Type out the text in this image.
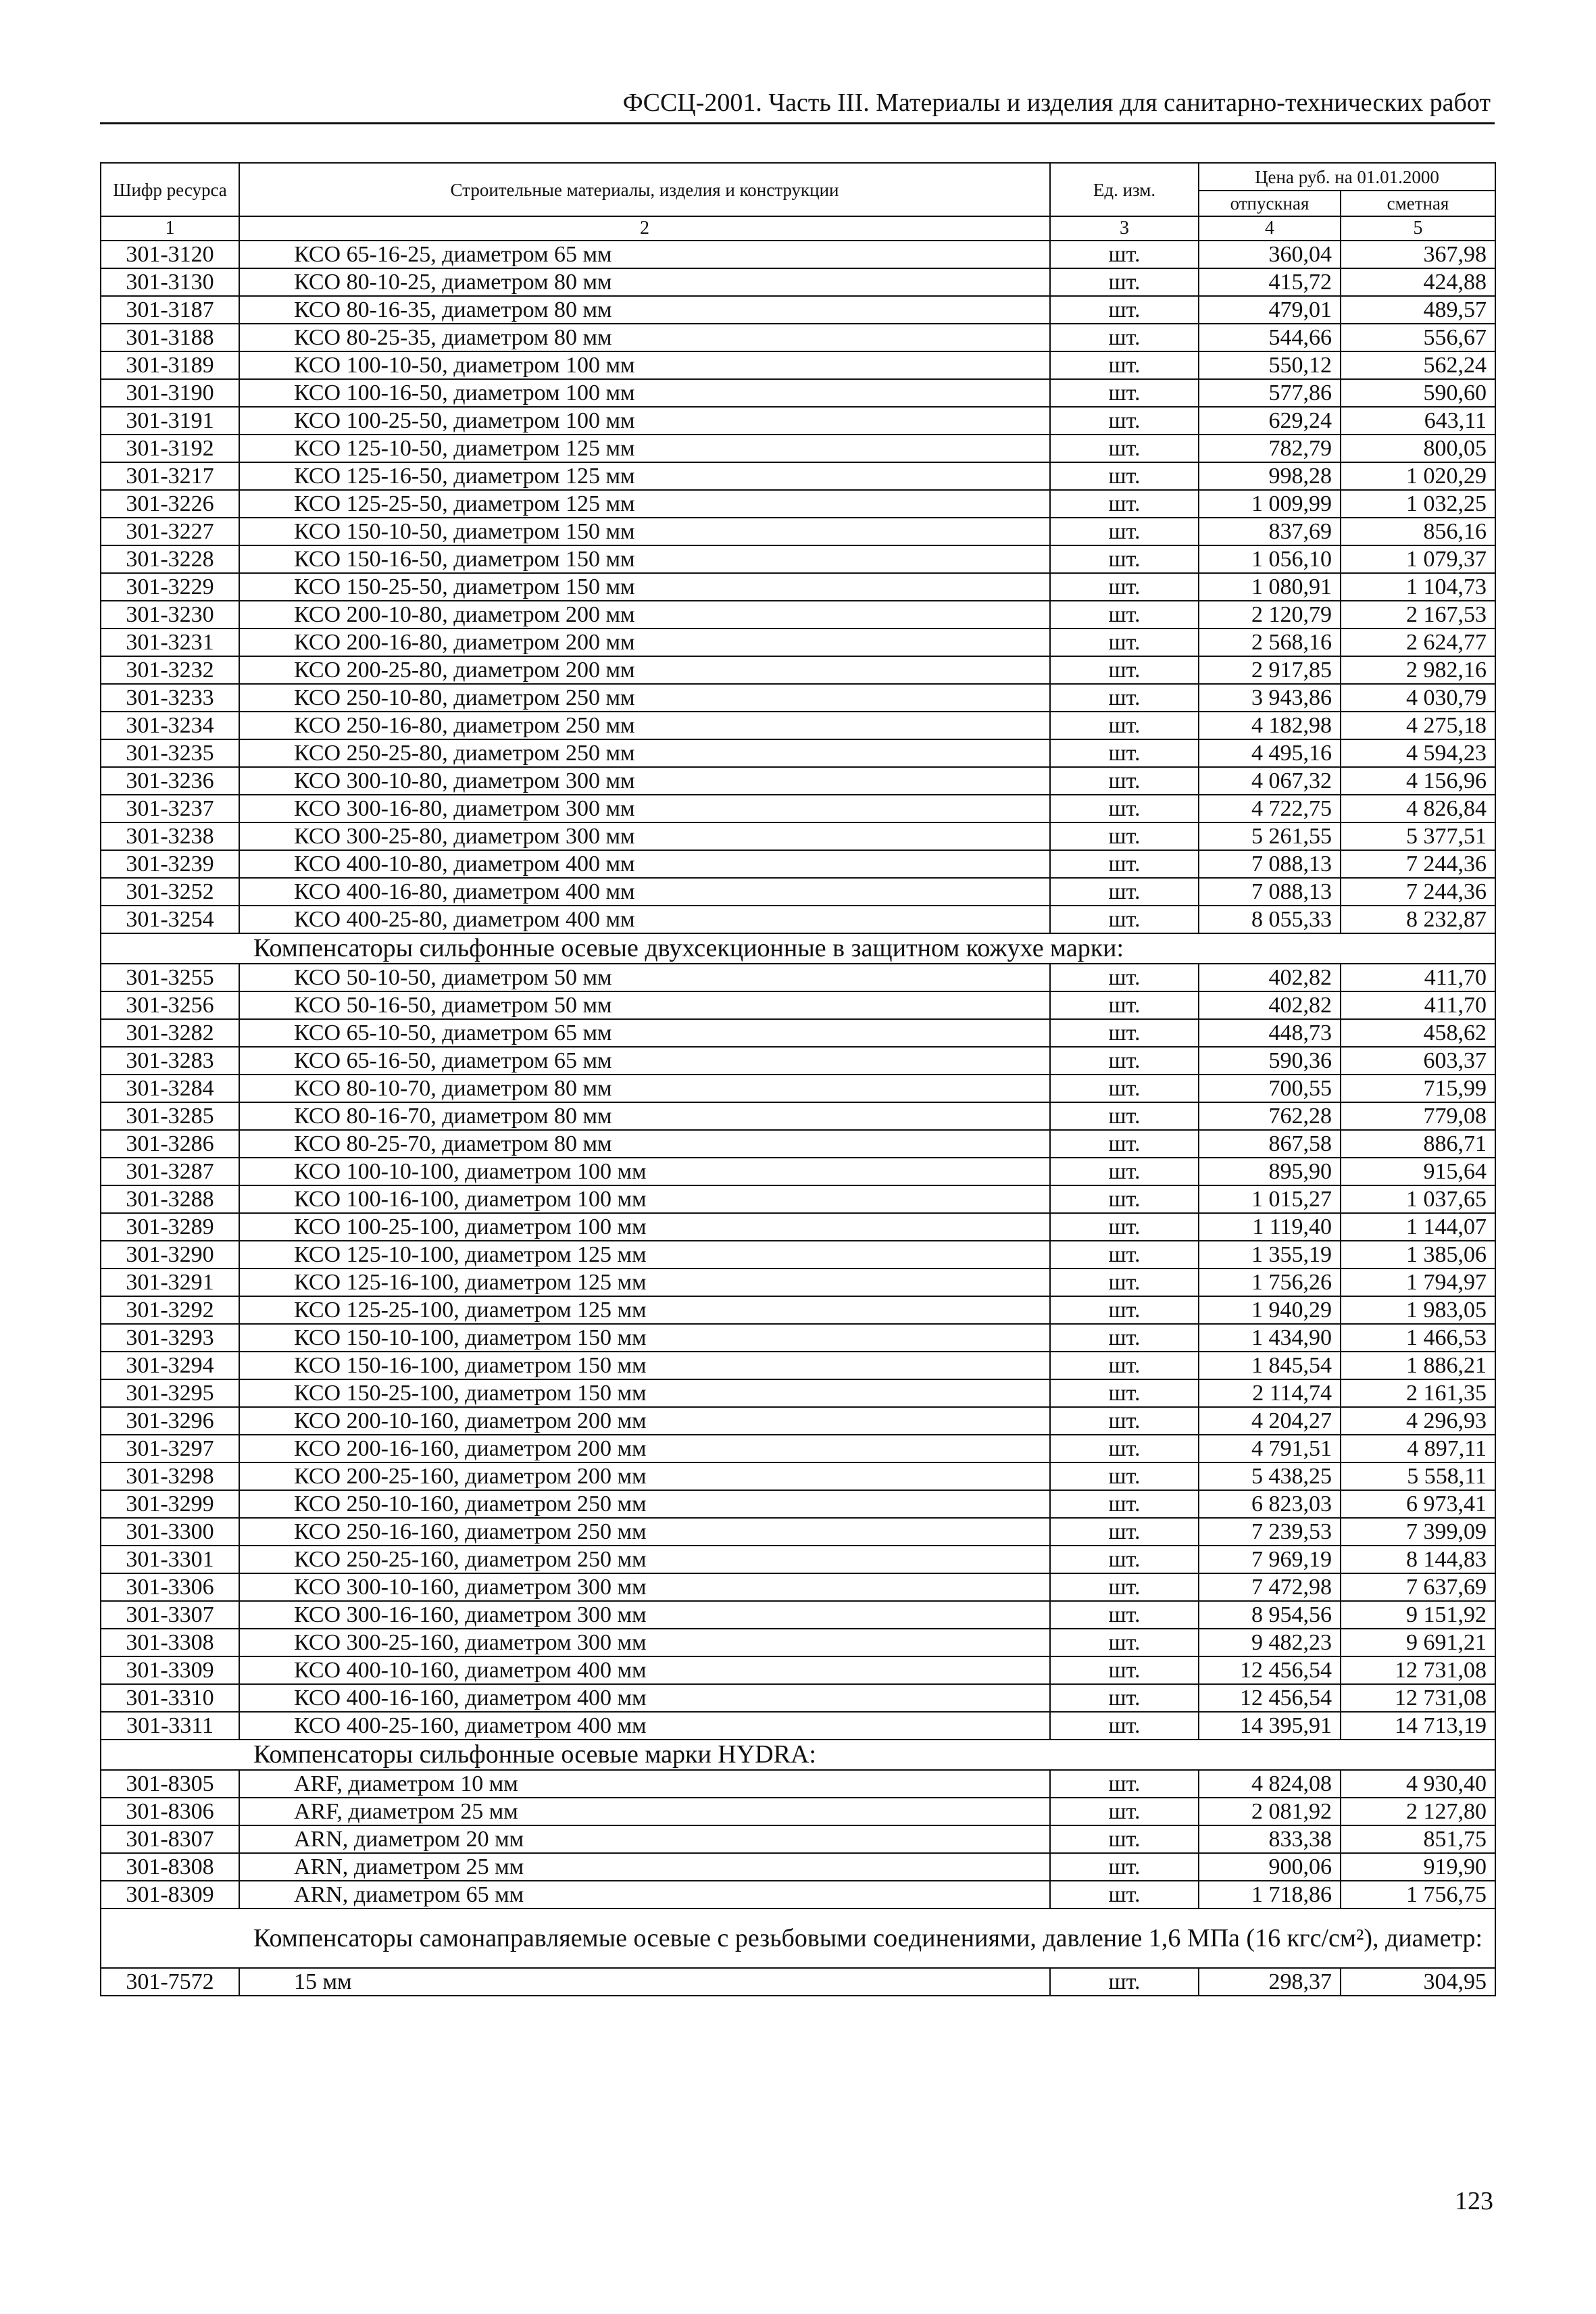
ФССЦ-2001. Часть III. Материалы и изделия для санитарно-технических работ
Шифр ресурса	Строительные материалы, изделия и конструкции	Ед. изм.	Цена руб. на 01.01.2000	
			отпускная	сметная
1	2	3	4	5
301-3120	КСО 65-16-25, диаметром 65 мм	шт.	360,04	367,98
301-3130	КСО 80-10-25, диаметром 80 мм	шт.	415,72	424,88
301-3187	КСО 80-16-35, диаметром 80 мм	шт.	479,01	489,57
301-3188	КСО 80-25-35, диаметром 80 мм	шт.	544,66	556,67
301-3189	КСО 100-10-50, диаметром 100 мм	шт.	550,12	562,24
301-3190	КСО 100-16-50, диаметром 100 мм	шт.	577,86	590,60
301-3191	КСО 100-25-50, диаметром 100 мм	шт.	629,24	643,11
301-3192	КСО 125-10-50, диаметром 125 мм	шт.	782,79	800,05
301-3217	КСО 125-16-50, диаметром 125 мм	шт.	998,28	1 020,29
301-3226	КСО 125-25-50, диаметром 125 мм	шт.	1 009,99	1 032,25
301-3227	КСО 150-10-50, диаметром 150 мм	шт.	837,69	856,16
301-3228	КСО 150-16-50, диаметром 150 мм	шт.	1 056,10	1 079,37
301-3229	КСО 150-25-50, диаметром 150 мм	шт.	1 080,91	1 104,73
301-3230	КСО 200-10-80, диаметром 200 мм	шт.	2 120,79	2 167,53
301-3231	КСО 200-16-80, диаметром 200 мм	шт.	2 568,16	2 624,77
301-3232	КСО 200-25-80, диаметром 200 мм	шт.	2 917,85	2 982,16
301-3233	КСО 250-10-80, диаметром 250 мм	шт.	3 943,86	4 030,79
301-3234	КСО 250-16-80, диаметром 250 мм	шт.	4 182,98	4 275,18
301-3235	КСО 250-25-80, диаметром 250 мм	шт.	4 495,16	4 594,23
301-3236	КСО 300-10-80, диаметром 300 мм	шт.	4 067,32	4 156,96
301-3237	КСО 300-16-80, диаметром 300 мм	шт.	4 722,75	4 826,84
301-3238	КСО 300-25-80, диаметром 300 мм	шт.	5 261,55	5 377,51
301-3239	КСО 400-10-80, диаметром 400 мм	шт.	7 088,13	7 244,36
301-3252	КСО 400-16-80, диаметром 400 мм	шт.	7 088,13	7 244,36
301-3254	КСО 400-25-80, диаметром 400 мм	шт.	8 055,33	8 232,87
Компенсаторы сильфонные осевые двухсекционные в защитном кожухе марки:				
301-3255	КСО 50-10-50, диаметром 50 мм	шт.	402,82	411,70
301-3256	КСО 50-16-50, диаметром 50 мм	шт.	402,82	411,70
301-3282	КСО 65-10-50, диаметром 65 мм	шт.	448,73	458,62
301-3283	КСО 65-16-50, диаметром 65 мм	шт.	590,36	603,37
301-3284	КСО 80-10-70, диаметром 80 мм	шт.	700,55	715,99
301-3285	КСО 80-16-70, диаметром 80 мм	шт.	762,28	779,08
301-3286	КСО 80-25-70, диаметром 80 мм	шт.	867,58	886,71
301-3287	КСО 100-10-100, диаметром 100 мм	шт.	895,90	915,64
301-3288	КСО 100-16-100, диаметром 100 мм	шт.	1 015,27	1 037,65
301-3289	КСО 100-25-100, диаметром 100 мм	шт.	1 119,40	1 144,07
301-3290	КСО 125-10-100, диаметром 125 мм	шт.	1 355,19	1 385,06
301-3291	КСО 125-16-100, диаметром 125 мм	шт.	1 756,26	1 794,97
301-3292	КСО 125-25-100, диаметром 125 мм	шт.	1 940,29	1 983,05
301-3293	КСО 150-10-100, диаметром 150 мм	шт.	1 434,90	1 466,53
301-3294	КСО 150-16-100, диаметром 150 мм	шт.	1 845,54	1 886,21
301-3295	КСО 150-25-100, диаметром 150 мм	шт.	2 114,74	2 161,35
301-3296	КСО 200-10-160, диаметром 200 мм	шт.	4 204,27	4 296,93
301-3297	КСО 200-16-160, диаметром 200 мм	шт.	4 791,51	4 897,11
301-3298	КСО 200-25-160, диаметром 200 мм	шт.	5 438,25	5 558,11
301-3299	КСО 250-10-160, диаметром 250 мм	шт.	6 823,03	6 973,41
301-3300	КСО 250-16-160, диаметром 250 мм	шт.	7 239,53	7 399,09
301-3301	КСО 250-25-160, диаметром 250 мм	шт.	7 969,19	8 144,83
301-3306	КСО 300-10-160, диаметром 300 мм	шт.	7 472,98	7 637,69
301-3307	КСО 300-16-160, диаметром 300 мм	шт.	8 954,56	9 151,92
301-3308	КСО 300-25-160, диаметром 300 мм	шт.	9 482,23	9 691,21
301-3309	КСО 400-10-160, диаметром 400 мм	шт.	12 456,54	12 731,08
301-3310	КСО 400-16-160, диаметром 400 мм	шт.	12 456,54	12 731,08
301-3311	КСО 400-25-160, диаметром 400 мм	шт.	14 395,91	14 713,19
Компенсаторы сильфонные осевые марки HYDRA:				
301-8305	ARF, диаметром 10 мм	шт.	4 824,08	4 930,40
301-8306	ARF, диаметром 25 мм	шт.	2 081,92	2 127,80
301-8307	ARN, диаметром 20 мм	шт.	833,38	851,75
301-8308	ARN, диаметром 25 мм	шт.	900,06	919,90
301-8309	ARN, диаметром 65 мм	шт.	1 718,86	1 756,75
Компенсаторы самонаправляемые осевые с резьбовыми соединениями, давление 1,6 МПа (16 кгс/см²), диаметр:				
301-7572	15 мм	шт.	298,37	304,95
123
